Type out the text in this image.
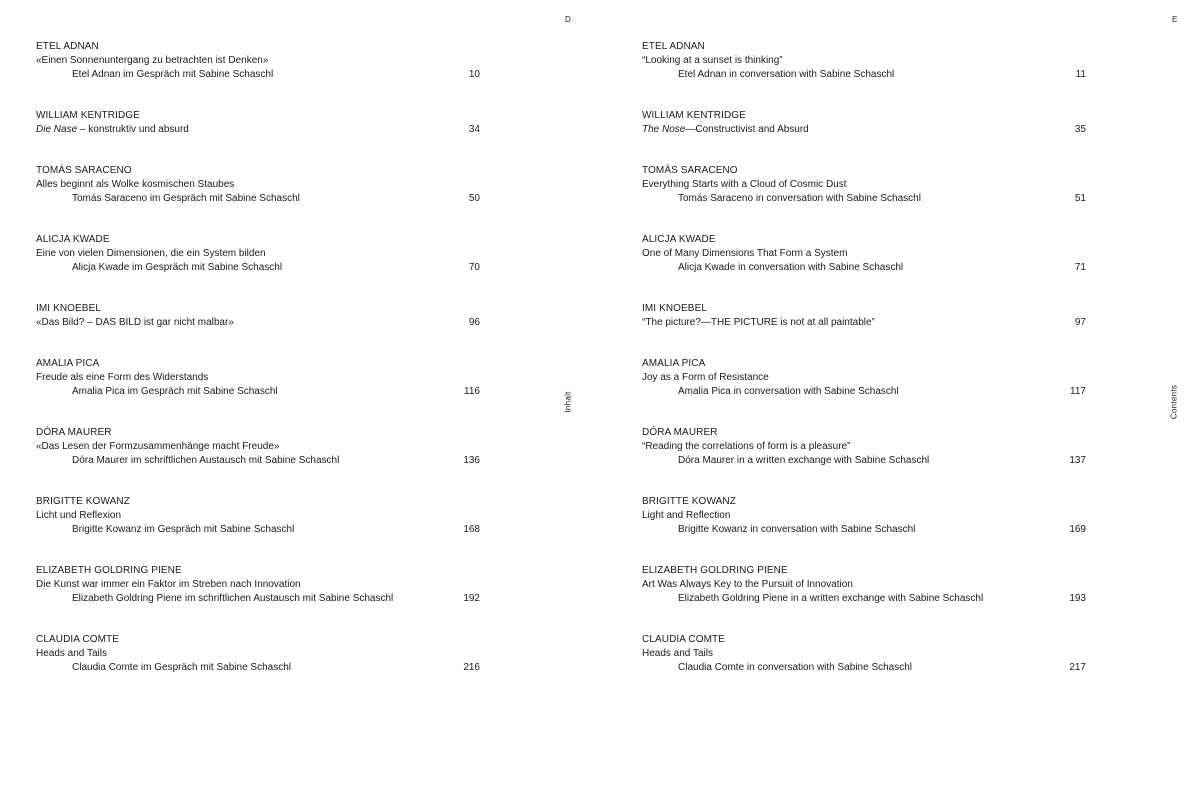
D
Inhalt
ETEL ADNAN
«Einen Sonnenuntergang zu betrachten ist Denken»
Etel Adnan im Gespräch mit Sabine Schaschl	10
WILLIAM KENTRIDGE
Die Nase – konstruktiv und absurd	34
TOMÁS SARACENO
Alles beginnt als Wolke kosmischen Staubes
Tomás Saraceno im Gespräch mit Sabine Schaschl	50
ALICJA KWADE
Eine von vielen Dimensionen, die ein System bilden
Alicja Kwade im Gespräch mit Sabine Schaschl	70
IMI KNOEBEL
«Das Bild? – DAS BILD ist gar nicht malbar»	96
AMALIA PICA
Freude als eine Form des Widerstands
Amalia Pica im Gespräch mit Sabine Schaschl	116
DÓRA MAURER
«Das Lesen der Formzusammenhänge macht Freude»
Dóra Maurer im schriftlichen Austausch mit Sabine Schaschl	136
BRIGITTE KOWANZ
Licht und Reflexion
Brigitte Kowanz im Gespräch mit Sabine Schaschl	168
ELIZABETH GOLDRING PIENE
Die Kunst war immer ein Faktor im Streben nach Innovation
Elizabeth Goldring Piene im schriftlichen Austausch mit Sabine Schaschl	192
CLAUDIA COMTE
Heads and Tails
Claudia Comte im Gespräch mit Sabine Schaschl	216
E
Contents
ETEL ADNAN
“Looking at a sunset is thinking”
Etel Adnan in conversation with Sabine Schaschl	11
WILLIAM KENTRIDGE
The Nose—Constructivist and Absurd	35
TOMÁS SARACENO
Everything Starts with a Cloud of Cosmic Dust
Tomás Saraceno in conversation with Sabine Schaschl	51
ALICJA KWADE
One of Many Dimensions That Form a System
Alicja Kwade in conversation with Sabine Schaschl	71
IMI KNOEBEL
“The picture?—THE PICTURE is not at all paintable”	97
AMALIA PICA
Joy as a Form of Resistance
Amalia Pica in conversation with Sabine Schaschl	117
DÓRA MAURER
“Reading the correlations of form is a pleasure”
Dóra Maurer in a written exchange with Sabine Schaschl	137
BRIGITTE KOWANZ
Light and Reflection
Brigitte Kowanz in conversation with Sabine Schaschl	169
ELIZABETH GOLDRING PIENE
Art Was Always Key to the Pursuit of Innovation
Elizabeth Goldring Piene in a written exchange with Sabine Schaschl	193
CLAUDIA COMTE
Heads and Tails
Claudia Comte in conversation with Sabine Schaschl	217
